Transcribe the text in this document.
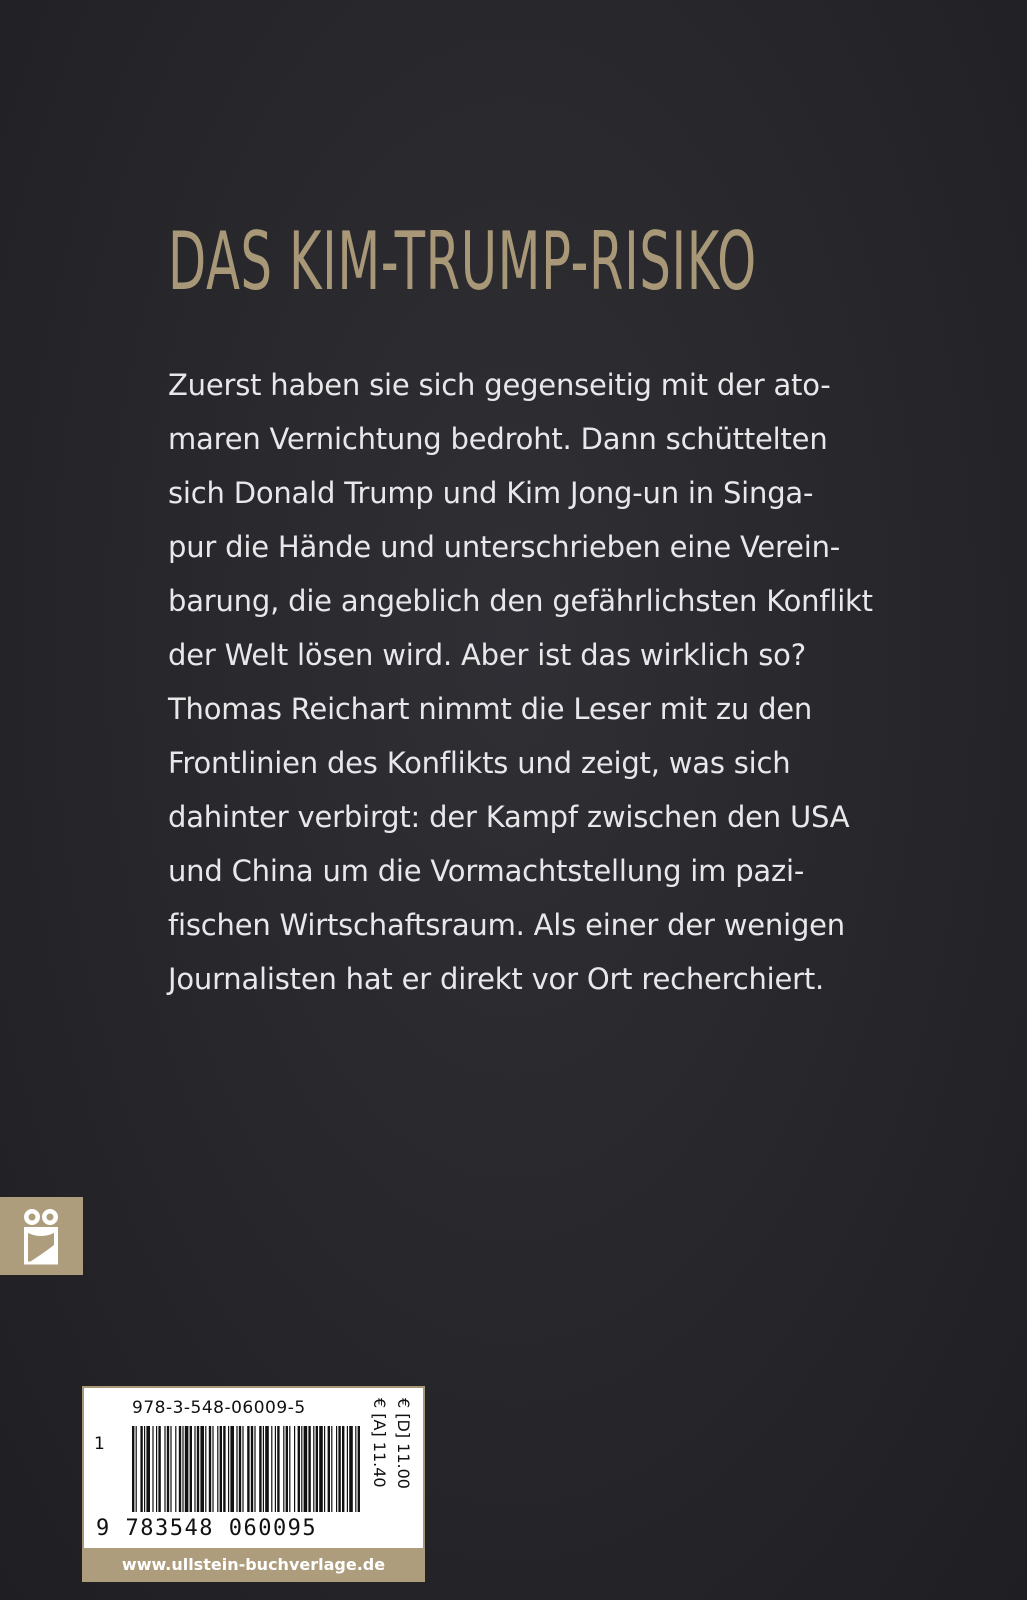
DAS KIM-TRUMP-RISIKO
Zuerst haben sie sich gegenseitig mit der ato-
maren Vernichtung bedroht. Dann schüttelten
sich Donald Trump und Kim Jong-un in Singa-
pur die Hände und unterschrieben eine Verein-
barung, die angeblich den gefährlichsten Konflikt
der Welt lösen wird. Aber ist das wirklich so?
Thomas Reichart nimmt die Leser mit zu den
Frontlinien des Konflikts und zeigt, was sich
dahinter verbirgt: der Kampf zwischen den USA
und China um die Vormachtstellung im pazi-
fischen Wirtschaftsraum. Als einer der wenigen
Journalisten hat er direkt vor Ort recherchiert.
978-3-548-06009-5
1
9 783548 060095
€ [D] 11.00
€ [A] 11.40
www.ullstein-buchverlage.de
